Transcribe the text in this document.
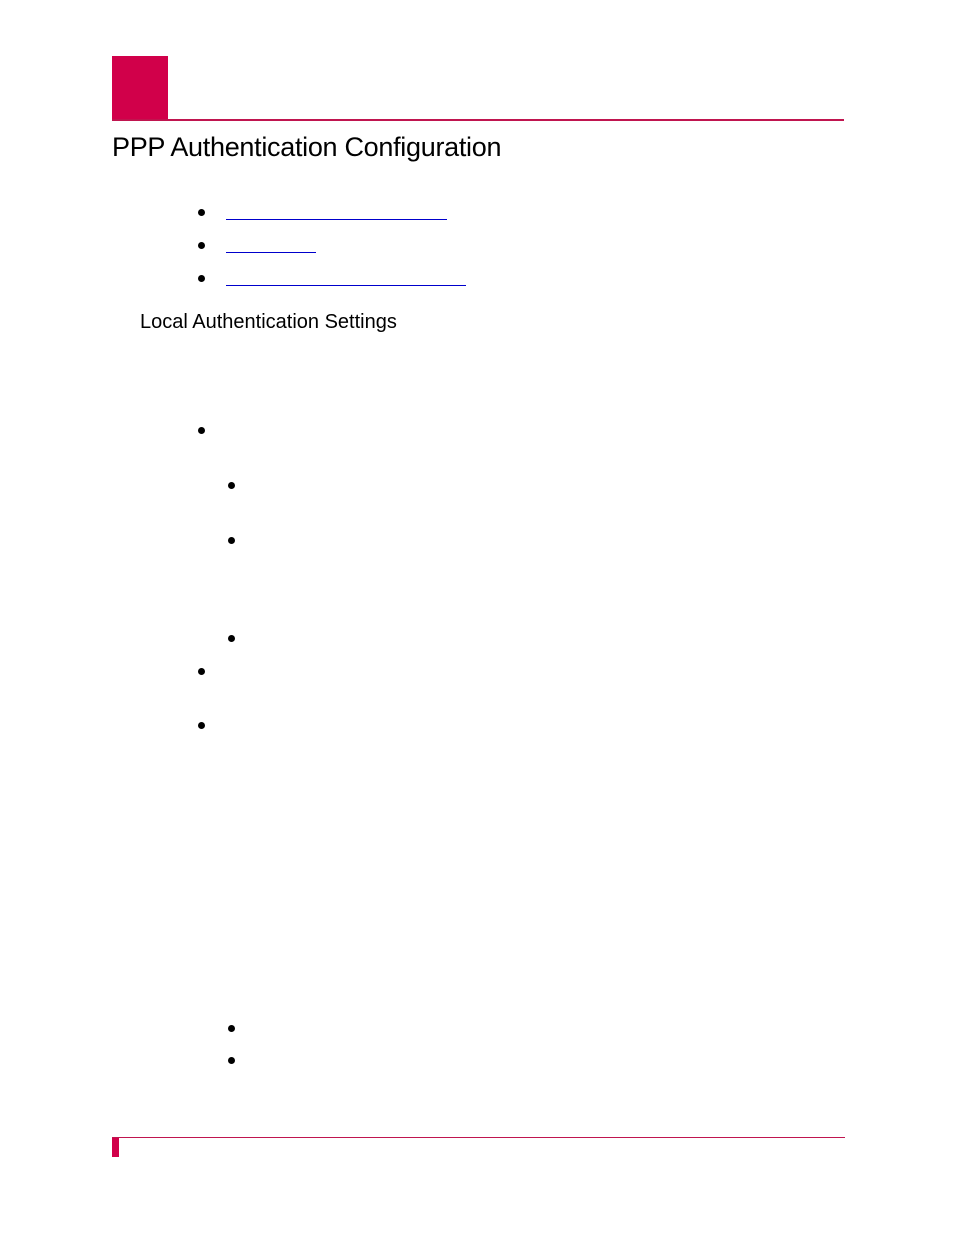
PPP Authentication Configuration
Local Authentication Settings
